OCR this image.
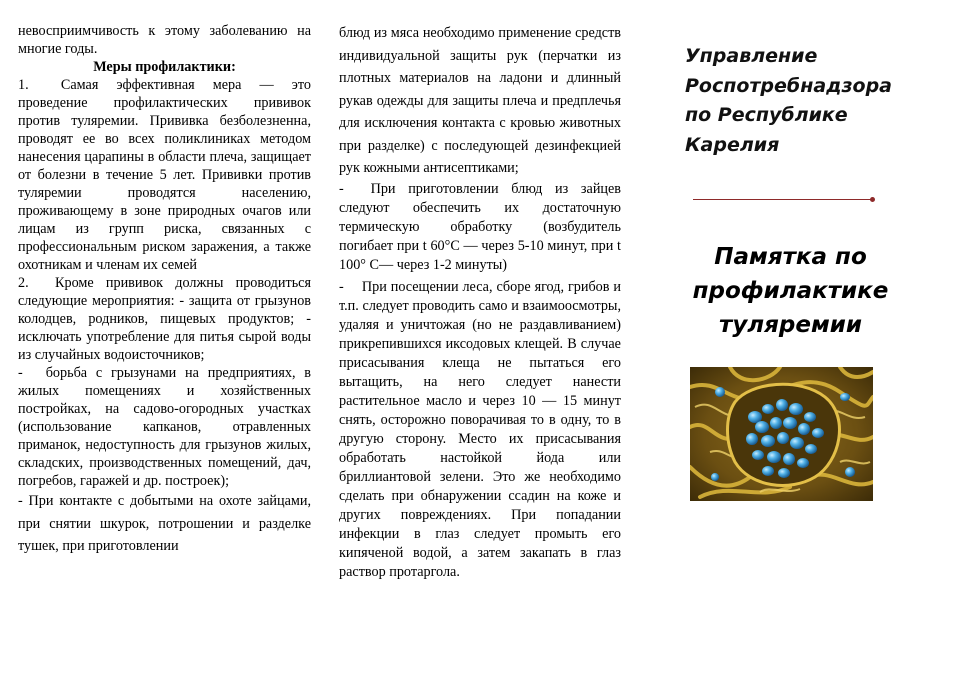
невосприимчивость к этому заболеванию на многие годы.

Меры профилактики:

1.  Самая эффективная мера — это проведение профилактических прививок против туляремии. Прививка безболезненна, проводят ее во всех поликлиниках методом нанесения царапины в области плеча, защищает от болезни в течение 5 лет. Прививки против туляремии проводятся населению, проживающему в зоне природных очагов или лицам из групп риска, связанных с профессиональным риском заражения, а также охотникам и членам их семей

2.  Кроме прививок должны проводиться следующие мероприятия: - защита от грызунов колодцев, родников, пищевых продуктов; - исключать употребление для питья сырой воды из случайных водоисточников;

-  борьба с грызунами на предприятиях, в жилых помещениях и хозяйственных постройках, на садово-огородных участках (использование капканов, отравленных приманок, недоступность для грызунов жилых, складских, производственных помещений, дач, погребов, гаражей и др. построек);

- При контакте с добытыми на охоте зайцами, при снятии шкурок, потрошении и разделке тушек, при приготовлении

блюд из мяса необходимо применение средств индивидуальной защиты рук (перчатки из плотных материалов на ладони и длинный рукав одежды для защиты плеча и предплечья для исключения контакта с кровью животных при разделке) с последующей дезинфекцией рук кожными антисептиками;

-  При приготовлении блюд из зайцев следуют обеспечить их достаточную термическую обработку (возбудитель погибает при t 60°С — через 5-10 минут, при t 100° С— через 1-2 минуты)

-  При посещении леса, сборе ягод, грибов и т.п. следует проводить само и взаимоосмотры, удаляя и уничтожая (но не раздавливанием) прикрепившихся иксодовых клещей. В случае присасывания клеща не пытаться его вытащить, на него следует нанести растительное масло и через 10 — 15 минут снять, осторожно поворачивая то в одну, то в другую сторону. Место их присасывания обработать настойкой йода или бриллиантовой зелени. Это же необходимо сделать при обнаружении ссадин на коже и других повреждениях. При попадании инфекции в глаз следует промыть его кипяченой водой, а затем закапать в глаз раствор протаргола.

Управление
Роспотребнадзора
по Республике
Карелия
Памятка по
профилактике
туляремии
